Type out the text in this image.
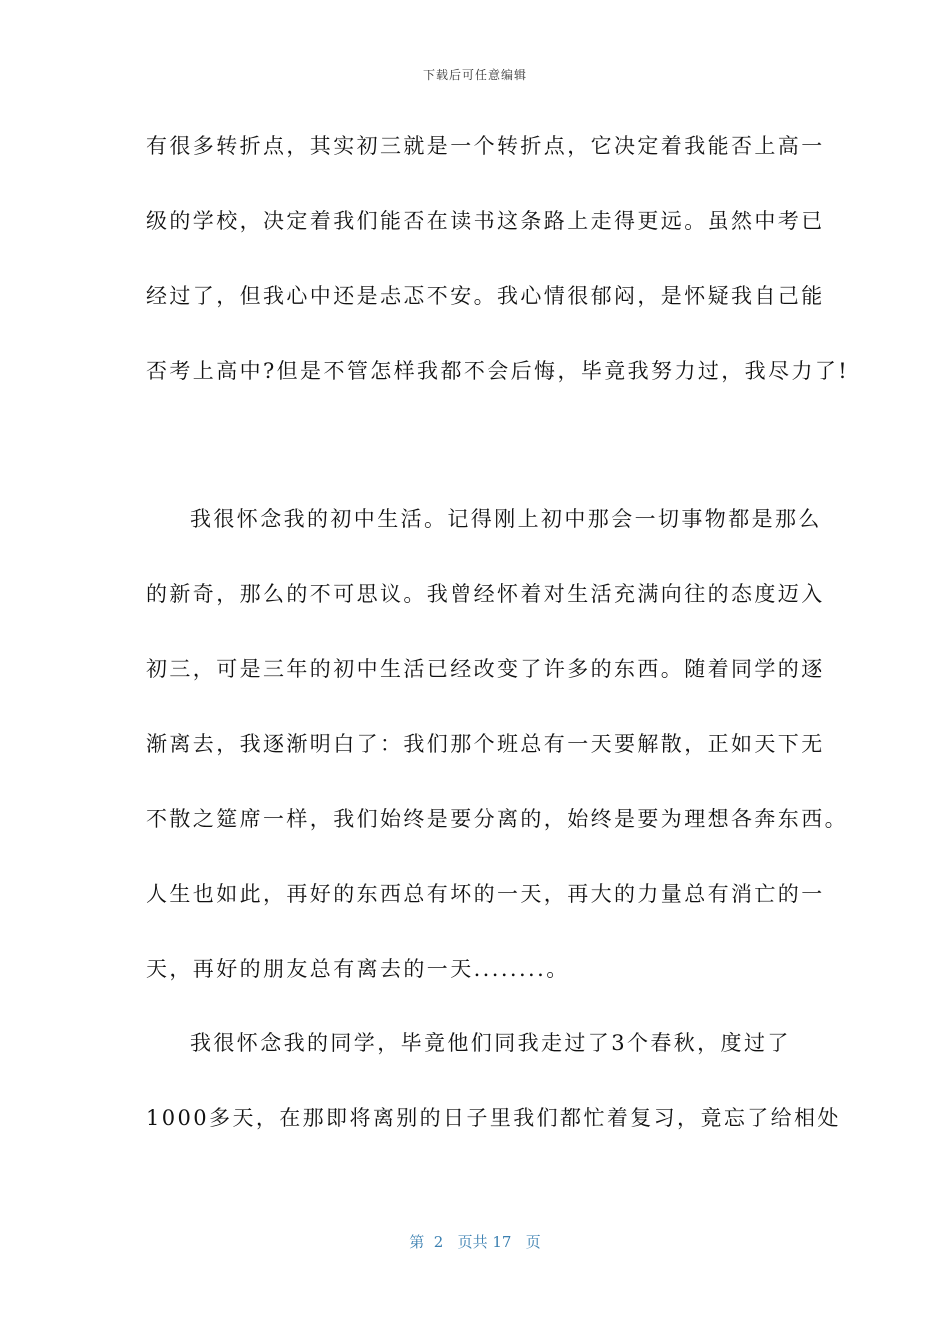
下载后可任意编辑
有很多转折点，其实初三就是一个转折点，它决定着我能否上高一
级的学校，决定着我们能否在读书这条路上走得更远。虽然中考已
经过了，但我心中还是忐忑不安。我心情很郁闷，是怀疑我自己能
否考上高中?但是不管怎样我都不会后悔，毕竟我努力过，我尽力了!
我很怀念我的初中生活。记得刚上初中那会一切事物都是那么
的新奇，那么的不可思议。我曾经怀着对生活充满向往的态度迈入
初三，可是三年的初中生活已经改变了许多的东西。随着同学的逐
渐离去，我逐渐明白了：我们那个班总有一天要解散，正如天下无
不散之筵席一样，我们始终是要分离的，始终是要为理想各奔东西。
人生也如此，再好的东西总有坏的一天，再大的力量总有消亡的一
天，再好的朋友总有离去的一天........。
我很怀念我的同学，毕竟他们同我走过了3个春秋，度过了
1000多天，在那即将离别的日子里我们都忙着复习，竟忘了给相处
第  2   页共 17   页
